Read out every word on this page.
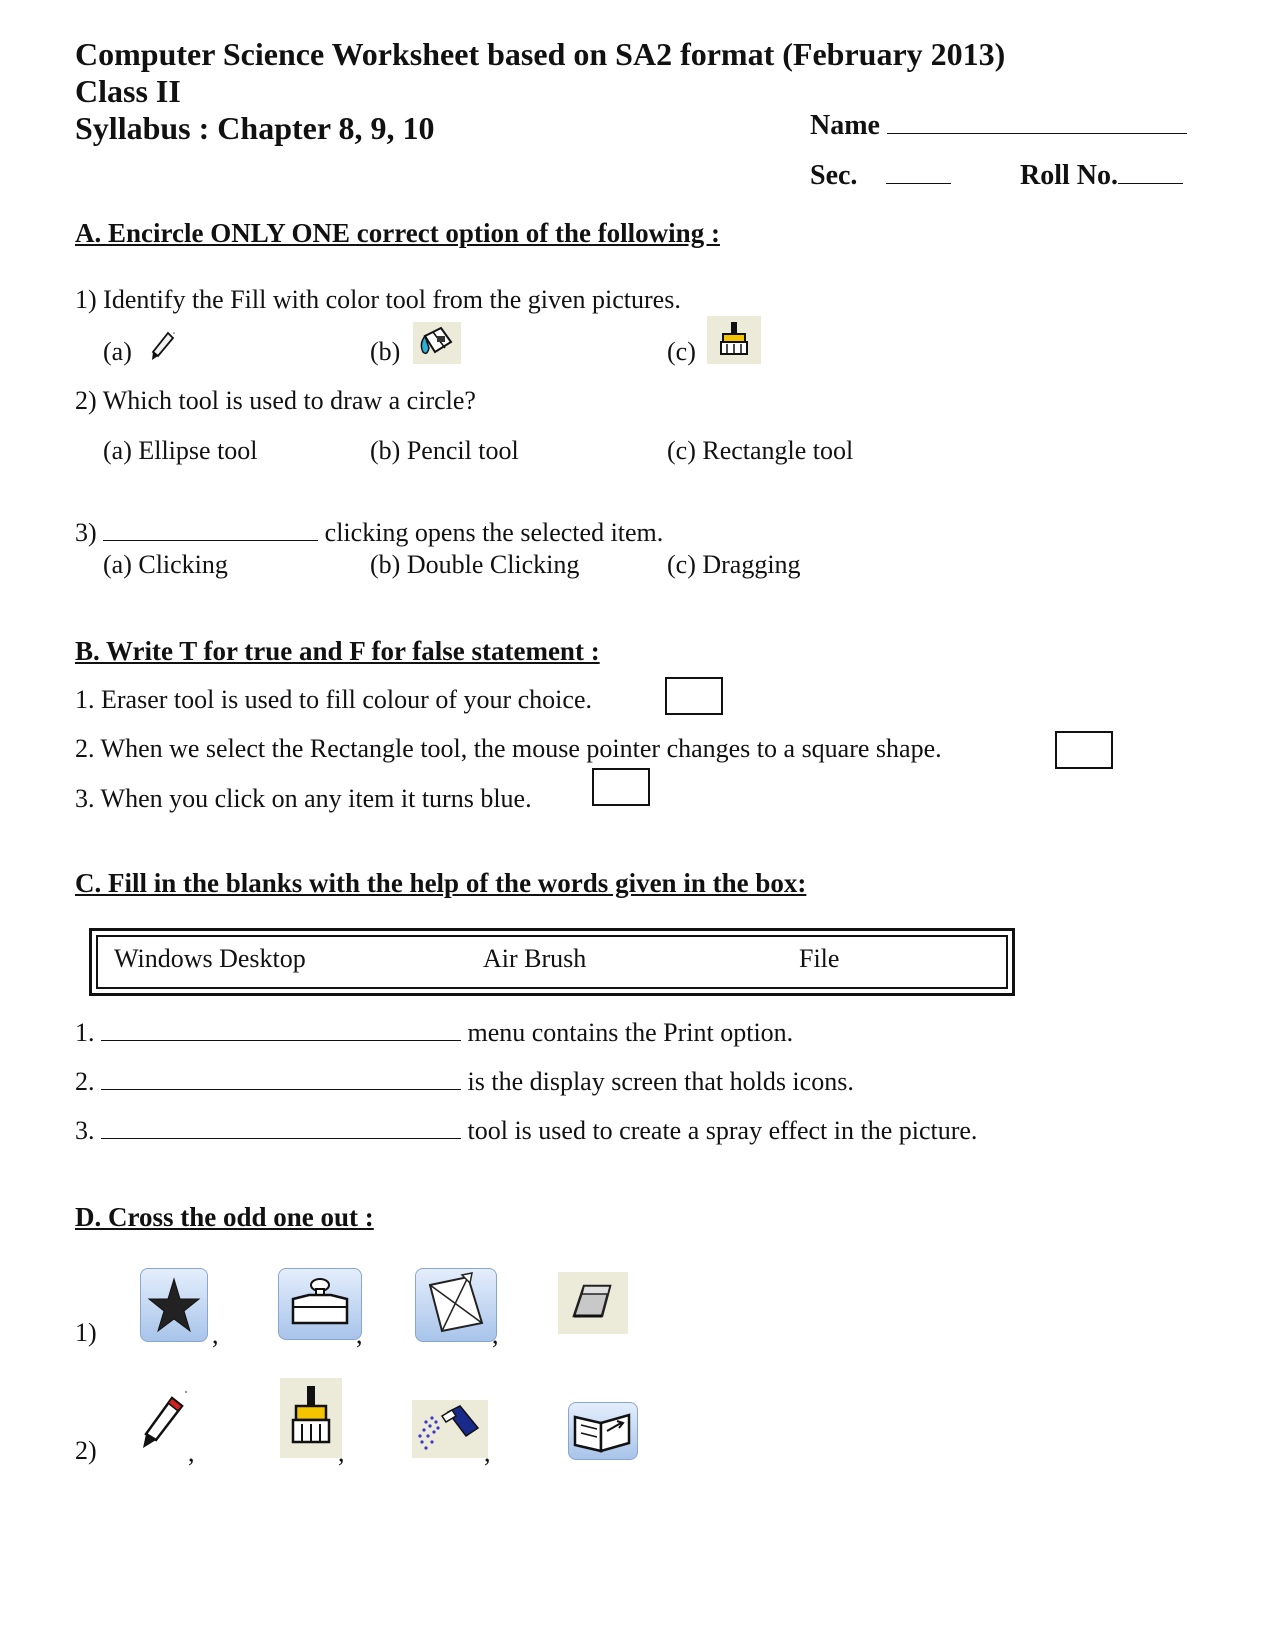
Computer Science Worksheet based on SA2 format (February 2013)
Class II
Syllabus : Chapter 8, 9, 10	Name
Sec.	Roll No.
A. Encircle ONLY ONE correct option of the following :
1) Identify the Fill with color tool from the given pictures.
(a)	(b)	(c)
2) Which tool is used to draw a circle?
(a) Ellipse tool	(b) Pencil tool	(c) Rectangle tool
3)	clicking opens the selected item.
(a) Clicking	(b) Double Clicking	(c) Dragging
B. Write T for true and F for false statement :
1. Eraser tool is used to fill colour of your choice.
2. When we select the Rectangle tool, the mouse pointer changes to a square shape.
3. When you click on any item it turns blue.
C. Fill in the blanks with the help of the words given in the box:
Windows Desktop	Air Brush	File
1.	menu contains the Print option.
2.	is the display screen that holds icons.
3.	tool is used to create a spray effect in the picture.
D. Cross the odd one out :
1)	,	,	,
2)	,	,	,
